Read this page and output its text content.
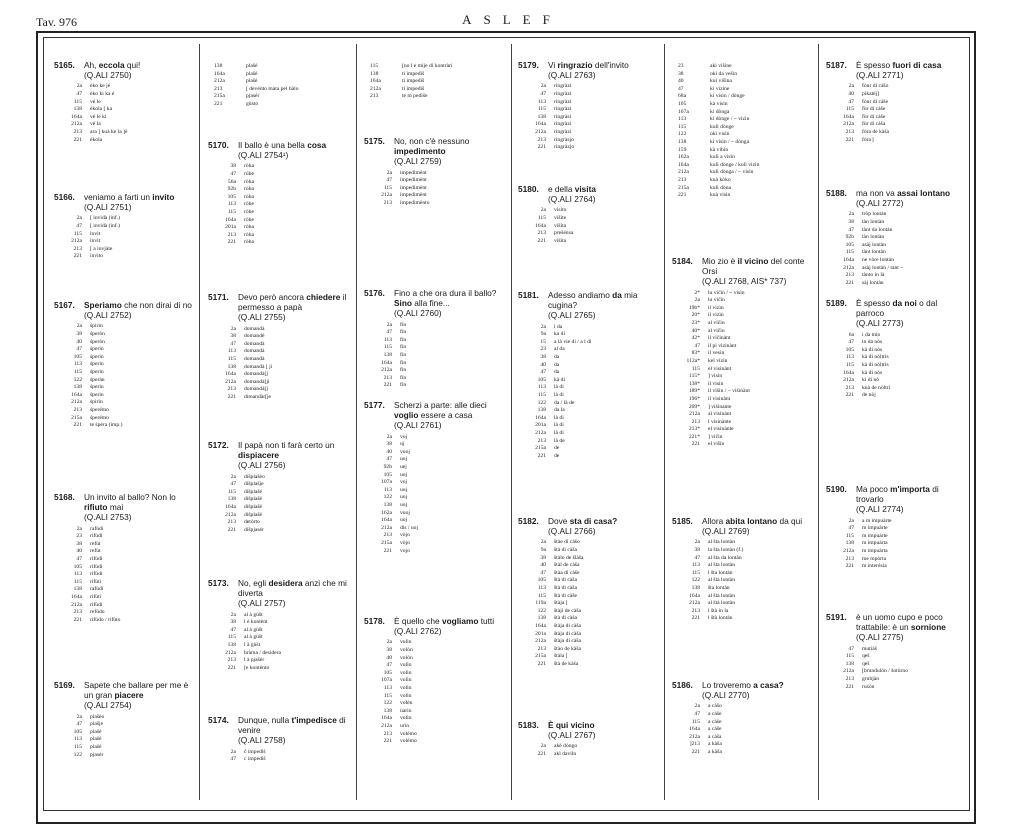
Tav. 976	ASLEF
5165.	Ah, eccola qui!
(Q.ALI 2750)
2a	èko ke jé
47	èko ki ka é
115	vé le
138	èkola [ ka
164a	vé le ki
212a	vé la
213	ara ] kuà ke la ]é
221	èkola
5166.	veniamo a farti un invito
(Q.ALI 2751)
2a	[ invidà (inf.)
47	[ invidà (inf.)
115	invìt
212a	invìt
213	[ a invjàte
221	invito
5167.	Speriamo che non dirai di no
(Q.ALI 2752)
2a	śpirin
38	śperòn
40	śperòn
47	śperin
105	śperin
113	śperin
115	śperin
122	śperàn
138	śperin
164a	śperin
212a	śpirin
213	śperémo
215a	śperémo
221	te śpéra (imp.)
5168.	Un invito al ballo? Non lo rifiuto mai
(Q.ALI 2753)
2a	rafùdi
23	rifùdi
38	refùt
40	refùt
47	rifùdi
105	rifùdi
113	rifùdi
115	rifùti
138	rafùdi
164a	rifùti
212a	rifùdi
213	refùdo
221	rifùdo / rifùto
5169.	Sapete che ballare per me è un gran piacere
(Q.ALI 2754)
2a	plašèo
47	plašje
105	plašé
113	plašé
115	plašé
122	pjasér
138	plašé
164a	plašé
212a	plašé
213	[ devénto màta pel bàlo
215a	pjasér
221	gùsto
5170.	Il ballo è una bella cosa
(Q.ALI 2754¹)
38	ròba
47	rúbe
56a	ròba
92b	ròba
105	ròba
113	ròbe
115	ròbe
164a	ròbe
201a	ròba
213	ròba
221	ròba
5171.	Devo però ancora chiedere il permesso a papà
(Q.ALI 2755)
2a	domandà
38	domandé
47	domandà
113	domandà
115	domandà
138	domandà [ ji
164a	domandà[j
212a	domandà[ji
213	domandà[j
221	dimandàr[je
5172.	Il papà non ti farà certo un dispiacere
(Q.ALI 2756)
2a	dišplašèo
47	dišplašje
115	dišplašé
138	dišplašé
164a	dišplašé
212a	dišplašé
213	detòrto
221	dišpjasér
5173.	No, egli desidera anzi che mi diverta
(Q.ALI 2757)
2a	al à gùšt
38	l é kontènt
47	al à gùšt
115	al à gùšt
138	l à gùšt
212a	bràma / desìdera
213	l à pjašér
221	[e kontènto
5174.	Dunque, nulla t'impedisce di venire
(Q.ALI 2758)
2a	č impedìš
47	c impedìš
115	[no l e mìje di kontràri
138	ti impedìš
164a	ti impedìš
212a	ti ìmpedìš
213	te m pedìše
5175.	No, non c'è nessuno impedimento
(Q.ALI 2759)
2a	impedimènt
47	impedimènt
115	ìmpedimènt
212a	ìmpedimènt
213	ìmpedimènto
5176.	Fino a che ora dura il ballo? Sino alla fine...
(Q.ALI 2760)
2a	fin
47	fin
113	fin
115	fin
138	fin
164a	fin
212a	fin
213	fin
221	fin
5177.	Scherzi a parte: alle dieci voglio essere a casa
(Q.ALI 2761)
2a	voj
38	uj
40	vuoj
47	uoj
92b	uej
105	uoj
107a	voj
113	uoj
122	uoj
138	uoj
162a	vuoj
164a	uoj
212a	dìs / uoj
213	vòjo
215a	vòjo
221	vojo
5178.	È quello che vogliamo tutti
(Q.ALI 2762)
2a	vulìn
38	volòn
40	volòn
47	vulìn
105	volìn
107a	volìn
113	volìn
115	volìn
122	volèn
138	ùarin
164a	volìn
212a	urìn
213	volémo
221	volémo
5179.	Vi ringrazio dell'invito
(Q.ALI 2763)
2a	ringràzi
47	ringràzi
113	ringràzi
115	ringràzi
138	ringràsi
164a	ringràzi
212a	ringràzi
213	ringràsjo
221	ringràzjo
5180.	e della visita
(Q.ALI 2764)
2a	vìsito
115	vìšite
164a	vìšita
213	prešénsa
221	vìšita
5181.	Adesso andiamo da mia cugina?
(Q.ALI 2765)
2a	i da
9a	ka di
15	a là vie di / a l dì
23	al da
38	da
40	da
47	da
105	kà di
113	là di
115	là di
122	da / là de
138	da la
164a	là di
201a	là di
212a	là di
213	là de
215a	de
221	de
5182.	Dove sta di casa?
(Q.ALI 2766)
2a	štàe di càšo
9a	štà di càša
38	štàlo de šlàša
40	štàl de càša
47	štàa di càše
105	štà di càša
113	štà di càša
115	štà di càše
119a	štàja [
122	štàji de càša
138	štà di càša
164a	štàja di càša
201a	štàja di càša
212a	štàja di càša
213	štào de kàša
215a	štàla [
221	štà de kàša
5183.	È qui vicino
(Q.ALI 2767)
2a	aké dòngo
221	akì daviln
23	akì vìšine
38	okì da vešìn
40	kuì višìna
47	ki vizine
68a	ki visìn / dònge
105	kà visìn
107a	ki dònga
113	ki dònge / ~ vizìn
115	kulì dònge
122	okì visìn
138	ki visìn / ~ dònga
159	kà vibìn
162a	kulì a visìn
164a	kulì dònge / kulì vizìn
212a	kulì dònga / ~ visìn
213	kuà kòko
215a	kulì dòna
221	kuà visìn
5184.	Mio zio è il vicino del conte Orsi
(Q.ALI 2768, AIS* 737)
2*	lu vičìn / ~ visìn
2a	lu vičìn
19b*	il vizìn
20*	il vizìn
23*	al vičìn
40*	al vičìn
42*	il vičinànt
47	il pì vizinànt
83*	il vesìn
112a*	kel vizìn
115	el visinànt
115*	] visìn
138*	il visìn
189*	il višin / ~ višinànt
196*	il visinànt
209*	] višinante
212a	al visinànt
213	l visinànte
213*	el visinànte
221*	] vičìn
221	el višìn
5185.	Allora abita lontano da qui
(Q.ALI 2769)
2a	al šta lontàn
38	la šta lontàn (f.)
47	al šta da lontàn
113	al šta lontàn
115	l šta lontàn
122	al štà lontàn
138	šta lontàn
164a	al štà lontàn
212a	al štà lontàn
213	l štà in la
221	l štà lontàn
5186.	Lo troveremo a casa?
(Q.ALI 2770)
2a	a càšo
47	a càše
115	a càše
164a	a càše
212a	a càša
]213	a kàša
221	a kàša
5187.	È spesso fuori di casa
(Q.ALI 2771)
2a	fòur di càšo
40	pìkatéj]
47	fòur di càše
115	fùr di càše
164a	fùr di càše
212a	fùr di càša
213	fòra de kàša
221	fòra [
5188.	ma non va assai lontano
(Q.ALI 2772)
2a	tròp lontàn
38	tàn lontàn
47	tànt da lontàn
92b	tàn lontàn
105	asàj lontàn
115	tànt lontàn
164a	ne vòre lontàn
212a	asàj lontàn / tant ~
213	tànto in là
221	sàj lontàn
5189.	È spesso da noi o dal parroco
(Q.ALI 2773)
6a	i da mìo
47	in da nòs
105	kà di nòs
113	kà di nòltris
115	kà di nòltris
164a	kà di nòs
212a	ki di nò
213	kuà de nòltri
221	de nòj
5190.	Ma poco m'importa di trovarlo
(Q.ALI 2774)
2a	a m impuàrte
47	m impuàrte
115	m impuàrte
138	m ìmpuàrta
212a	m impuàrta
213	me mpòrta
221	m interésia
5191.	è un uomo cupo e poco trattabile: è un sornione
(Q.ALI 2775)
47	mutiàš
115	qeš
138	qeš
212a	[brundulòn / šotùrno
213	grubjàn
221	ruśòn
